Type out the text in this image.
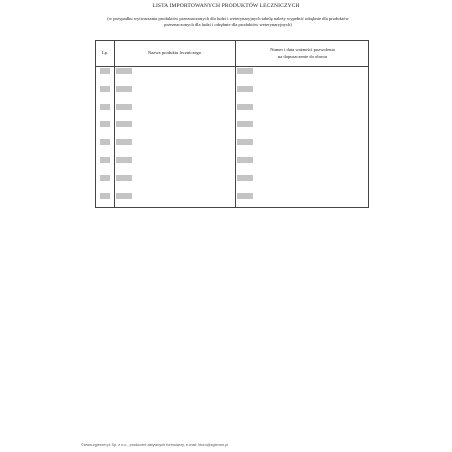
LISTA IMPORTOWANYCH PRODUKTÓW LECZNICZYCH
(w przypadku wytwarzania produktów przeznaczonych dla ludzi i weterynaryjnych tabelę należy wypełnić odrębnie dla produktów przeznaczonych dla ludzi i odrębnie dla produktów weterynaryjnych)
Lp.	Nazwa produktu leczniczego
Numer i data ważności pozwolenia
na dopuszczenie do obrotu
©www.zgierom.pl Sp. z o.o., producent aktywnych formularzy, e-mail: biuro@zgierom.pl
